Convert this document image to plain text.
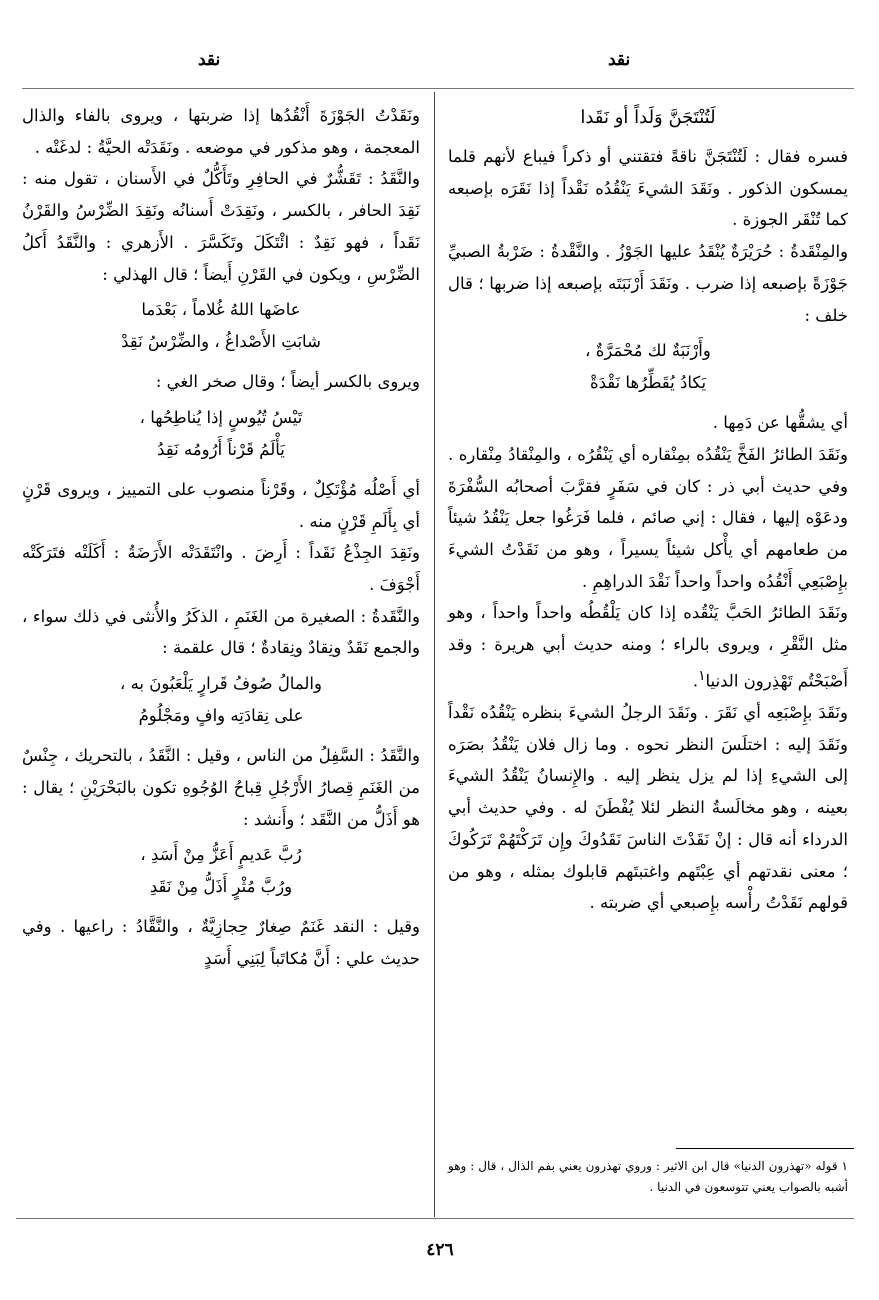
نقد
نقد

لَتُنْتَجَنَّ وَلَداً أو نَقَدا

فسره فقال : لَتُنْتَجَنَّ ناقةً فتقتني أو ذكراً فيباع لأنهم قلما يمسكون الذكور . ونَقَدَ الشيءَ يَنْقُدُه نَقْداً إذا نَقَرَه بإصبعه كما تُنْقَر الجوزة .

والمِنْقَدةُ : حُرَيْرَةٌ يُنْقَدُ عليها الجَوْزُ . والنَّقْدةُ : ضَرْبةُ الصبيِّ جَوْزَةً بإصبعه إذا ضرب . ونَقَدَ أَرْنَبَتَه بإصبعه إذا ضربها ؛ قال خلف :

وأَرْنَبَةٌ لك مُحْمَرَّةٌ ،

يَكادُ يُقَطِّرُها نَقْدَةْ

أي يشقُّها عن دَمِها .

ونَقَدَ الطائرُ الفَخَّ يَنْقُدُه بمِنْقاره أي يَنْقُرُه ، والمِنْقادُ مِنْقاره . وفي حديث أبي ذر : كان في سَفَرٍ فقرَّبَ أصحابُه السُّفْرَةَ ودعَوْه إليها ، فقال : إني صائم ، فلما فَرَغُوا جعل يَنْقُدُ شيئاً من طعامهم أي يأْكل شيئاً يسيراً ، وهو من نَقَدْتُ الشيءَ بإِصْبَعِي أَنْقُدُه واحداً واحداً نَقْدَ الدراهِمِ .

ونَقَدَ الطائرُ الحَبَّ يَنْقُده إذا كان يَلْقُطُه واحداً واحداً ، وهو مثل النَّقْرِ ، ويروى بالراء ؛ ومنه حديث أبي هريرة : وقد أَصْبَحْتُم تَهْذِرون الدنيا$^١$.

ونَقَدَ بإِصْبَعِه أي نَقَرَ . ونَقَدَ الرجلُ الشيءَ بنظره يَنْقُدُه نَقْداً ونَقَدَ إليه : اختلَسَ النظر نحوه . وما زال فلان يَنْقُدُ بصَرَه إلى الشيءِ إذا لم يزل ينظر إليه . والإِنسانُ يَنْقُدُ الشيءَ بعينه ، وهو مخالَسةُ النظر لئلا يُفْطَنَ له . وفي حديث أبي الدرداء أنه قال : إنْ نَقَدْتَ الناسَ نَقَدُوكَ وإِن تَرَكْتَهُمْ تَرَكُوكَ ؛ معنى نقدتهم أي عِبْتَهم واغتبتَهم قابلوك بمثله ، وهو من قولهم نَقَدْتُ رأْسه بإِصبعي أي ضربته .

١ قوله «تهذرون الدنيا» قال ابن الاثير : وروي تهذرون يعني بفم الذال ، قال : وهو أشبه بالصواب يعني تتوسعون في الدنيا .

ونَقَدْتُ الجَوْزَةَ أَنْقُدُها إذا ضربتها ، ويروى بالفاء والذال المعجمة ، وهو مذكور في موضعه . ونَقَدَتْه الحيَّةُ : لدغَتْه .

والنَّقَدُ : تَقَشُّرٌ في الحافِرِ وتَأَكُّلٌ في الأَسنان ، تقول منه : نَقِدَ الحافر ، بالكسر ، ونَقِدَتْ أَسنانُه ونَقِدَ الضِّرْسُ والقَرْنُ نَقَداً ، فهو نَقِدٌ : ائْتَكَلَ وتَكَسَّرَ . الأَزهري : والنَّقَدُ أَكلُ الضِّرْسِ ، ويكون في القَرْنِ أَيضاً ؛ قال الهذلي :

عاضَها اللهُ غُلاماً ، بَعْدَما

شابَتِ الأَصْداغُ ، والضِّرْسُ نَقِدْ

ويروى بالكسر أيضاً ؛ وقال صخر الغي :

تَيْسُ تُيُوسٍ إذا يُناطِحُها ،

يَأْلَمُ قَرْناً أَرُومُه نَقِدُ

أي أَصْلُه مُؤْتَكِلٌ ، وقَرْناً منصوب على التمييز ، ويروى قَرْنٍ أي بِأَلَمِ قَرْنٍ منه .

ونَقِدَ الجِذْعُ نَقَداً : أَرِضَ . وانْتَقَدَتْه الأَرَضَةُ : أَكَلَتْه فتَرَكَتْه أَجْوَفَ .

والنَّقَدةُ : الصغيرة من الغَنَمِ ، الذكَرُ والأُنثى في ذلك سواء ، والجمع نَقَدٌ ونِقادٌ ونِقادةٌ ؛ قال علقمة :

والمالُ صُوفُ قَرارٍ يَلْعَبُونَ به ،

على نِقادَتِه وافٍ ومَجْلُومُ

والنَّقَدُ : السَّفِلُ من الناس ، وقيل : النَّقَدُ ، بالتحريك ، جِنْسٌ من الغَنَمِ قِصارُ الأَرْجُلِ قِباحُ الوُجُوهِ تكون بالبَحْرَيْنِ ؛ يقال : هو أَذَلُّ من النَّقَد ؛ وأَنشد :

رُبَّ عَديمٍ أَعَزُّ مِنْ أَسَدِ ،

ورُبَّ مُثْرٍ أَذَلُّ مِنْ نَقَدِ

وقيل : النقد غَنَمٌ صِغارٌ حِجازِيَّةٌ ، والنَّقَّادُ : راعيها . وفي حديث علي : أَنَّ مُكاتَباً لِبَنِي أَسَدٍ

٤٢٦
